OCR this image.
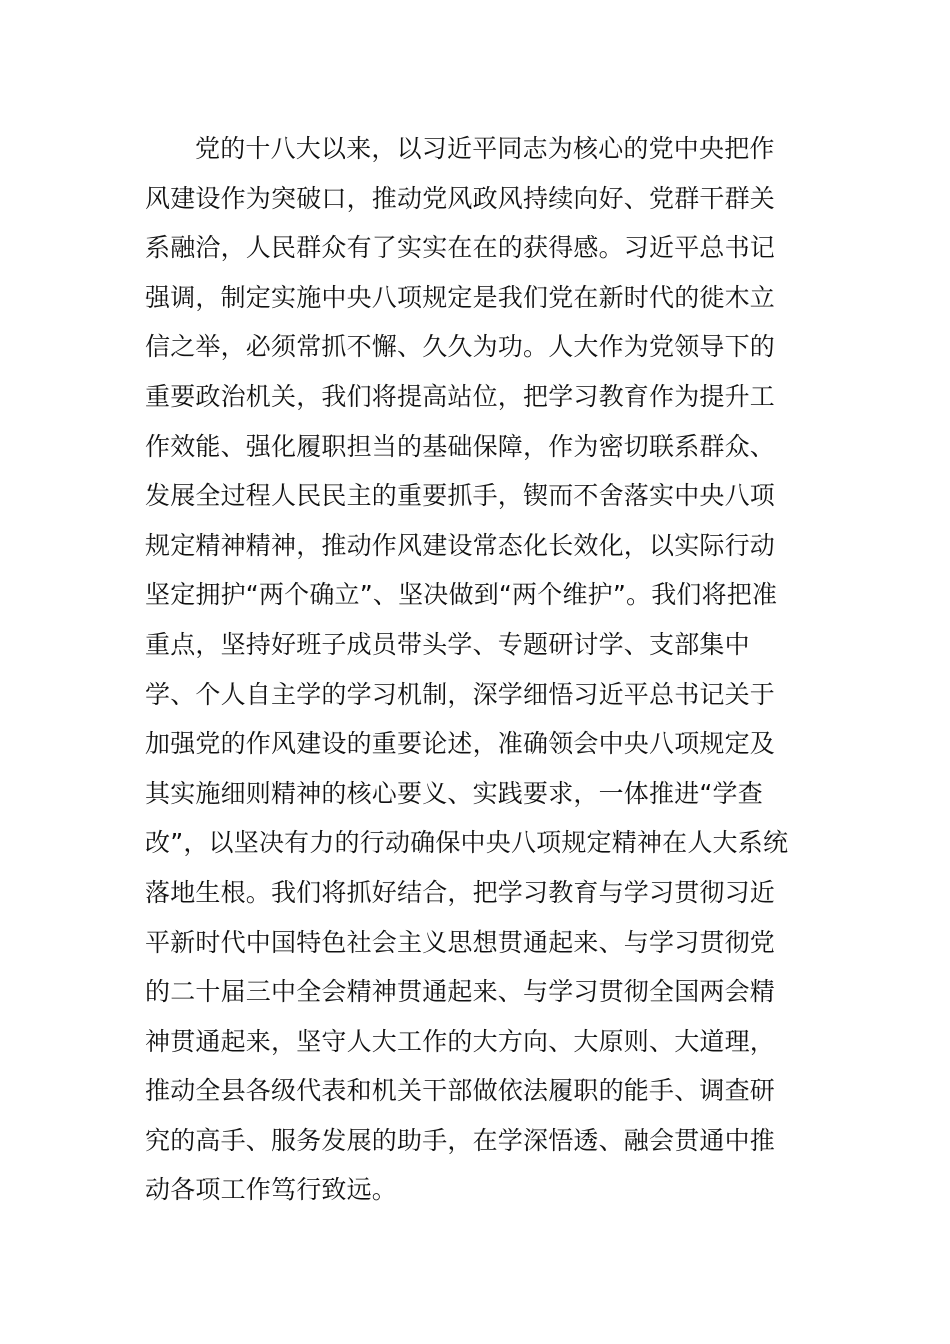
党的十八大以来，以习近平同志为核心的党中央把作
风建设作为突破口，推动党风政风持续向好、党群干群关
系融洽，人民群众有了实实在在的获得感。习近平总书记
强调，制定实施中央八项规定是我们党在新时代的徙木立
信之举，必须常抓不懈、久久为功。人大作为党领导下的
重要政治机关，我们将提高站位，把学习教育作为提升工
作效能、强化履职担当的基础保障，作为密切联系群众、
发展全过程人民民主的重要抓手，锲而不舍落实中央八项
规定精神精神，推动作风建设常态化长效化，以实际行动
坚定拥护“两个确立”、坚决做到“两个维护”。我们将把准
重点，坚持好班子成员带头学、专题研讨学、支部集中
学、个人自主学的学习机制，深学细悟习近平总书记关于
加强党的作风建设的重要论述，准确领会中央八项规定及
其实施细则精神的核心要义、实践要求，一体推进“学查
改”，以坚决有力的行动确保中央八项规定精神在人大系统
落地生根。我们将抓好结合，把学习教育与学习贯彻习近
平新时代中国特色社会主义思想贯通起来、与学习贯彻党
的二十届三中全会精神贯通起来、与学习贯彻全国两会精
神贯通起来，坚守人大工作的大方向、大原则、大道理，
推动全县各级代表和机关干部做依法履职的能手、调查研
究的高手、服务发展的助手，在学深悟透、融会贯通中推
动各项工作笃行致远。
